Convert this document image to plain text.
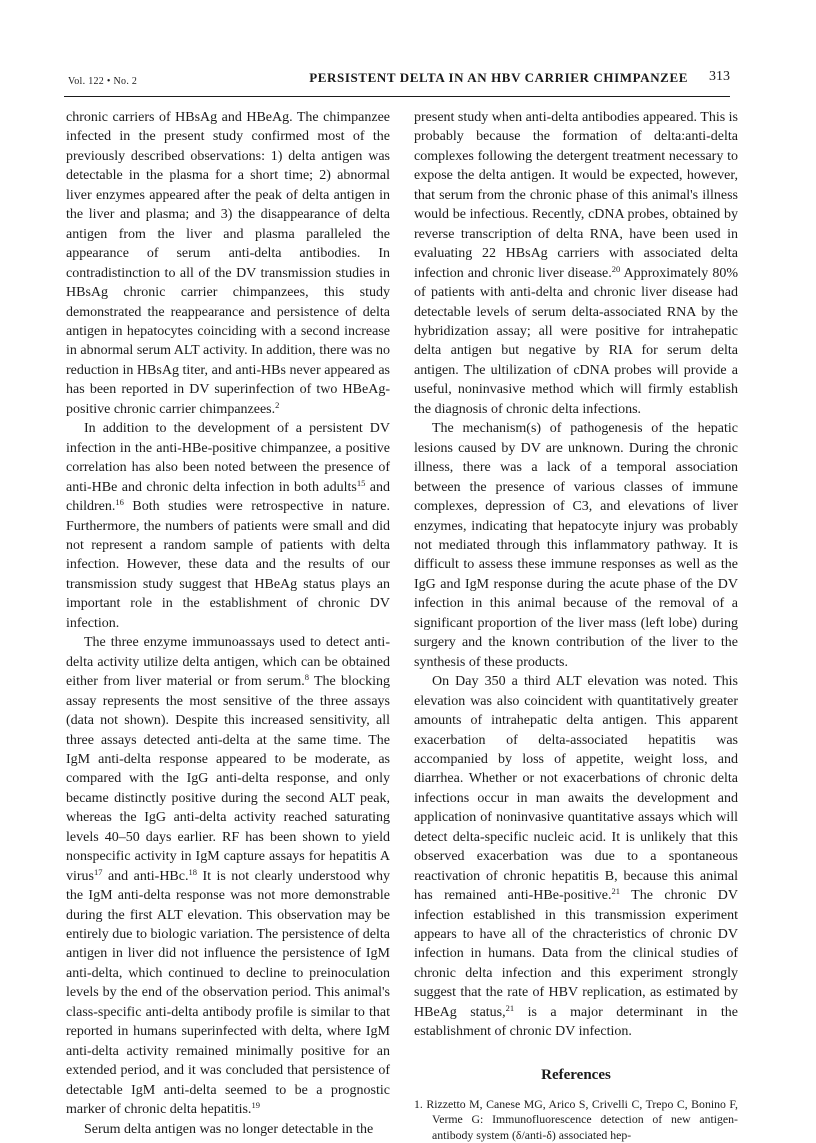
Vol. 122 • No. 2	PERSISTENT DELTA IN AN HBV CARRIER CHIMPANZEE 313

chronic carriers of HBsAg and HBeAg. The chimpanzee infected in the present study confirmed most of the previously described observations: 1) delta antigen was detectable in the plasma for a short time; 2) abnormal liver enzymes appeared after the peak of delta antigen in the liver and plasma; and 3) the disappearance of delta antigen from the liver and plasma paralleled the appearance of serum anti-delta antibodies. In contradistinction to all of the DV transmission studies in HBsAg chronic carrier chimpanzees, this study demonstrated the reappearance and persistence of delta antigen in hepatocytes coinciding with a second increase in abnormal serum ALT activity. In addition, there was no reduction in HBsAg titer, and anti-HBs never appeared as has been reported in DV superinfection of two HBeAg-positive chronic carrier chimpanzees.$^2$

In addition to the development of a persistent DV infection in the anti-HBe-positive chimpanzee, a positive correlation has also been noted between the presence of anti-HBe and chronic delta infection in both adults$^{15}$ and children.$^{16}$ Both studies were retrospective in nature. Furthermore, the numbers of patients were small and did not represent a random sample of patients with delta infection. However, these data and the results of our transmission study suggest that HBeAg status plays an important role in the establishment of chronic DV infection.

The three enzyme immunoassays used to detect anti-delta activity utilize delta antigen, which can be obtained either from liver material or from serum.$^8$ The blocking assay represents the most sensitive of the three assays (data not shown). Despite this increased sensitivity, all three assays detected anti-delta at the same time. The IgM anti-delta response appeared to be moderate, as compared with the IgG anti-delta response, and only became distinctly positive during the second ALT peak, whereas the IgG anti-delta activity reached saturating levels 40–50 days earlier. RF has been shown to yield nonspecific activity in IgM capture assays for hepatitis A virus$^{17}$ and anti-HBc.$^{18}$ It is not clearly understood why the IgM anti-delta response was not more demonstrable during the first ALT elevation. This observation may be entirely due to biologic variation. The persistence of delta antigen in liver did not influence the persistence of IgM anti-delta, which continued to decline to preinoculation levels by the end of the observation period. This animal's class-specific anti-delta antibody profile is similar to that reported in humans superinfected with delta, where IgM anti-delta activity remained minimally positive for an extended period, and it was concluded that persistence of detectable IgM anti-delta seemed to be a prognostic marker of chronic delta hepatitis.$^{19}$

Serum delta antigen was no longer detectable in the

present study when anti-delta antibodies appeared. This is probably because the formation of delta:anti-delta complexes following the detergent treatment necessary to expose the delta antigen. It would be expected, however, that serum from the chronic phase of this animal's illness would be infectious. Recently, cDNA probes, obtained by reverse transcription of delta RNA, have been used in evaluating 22 HBsAg carriers with associated delta infection and chronic liver disease.$^{20}$ Approximately 80% of patients with anti-delta and chronic liver disease had detectable levels of serum delta-associated RNA by the hybridization assay; all were positive for intrahepatic delta antigen but negative by RIA for serum delta antigen. The ultilization of cDNA probes will provide a useful, noninvasive method which will firmly establish the diagnosis of chronic delta infections.

The mechanism(s) of pathogenesis of the hepatic lesions caused by DV are unknown. During the chronic illness, there was a lack of a temporal association between the presence of various classes of immune complexes, depression of C3, and elevations of liver enzymes, indicating that hepatocyte injury was probably not mediated through this inflammatory pathway. It is difficult to assess these immune responses as well as the IgG and IgM response during the acute phase of the DV infection in this animal because of the removal of a significant proportion of the liver mass (left lobe) during surgery and the known contribution of the liver to the synthesis of these products.

On Day 350 a third ALT elevation was noted. This elevation was also coincident with quantitatively greater amounts of intrahepatic delta antigen. This apparent exacerbation of delta-associated hepatitis was accompanied by loss of appetite, weight loss, and diarrhea. Whether or not exacerbations of chronic delta infections occur in man awaits the development and application of noninvasive quantitative assays which will detect delta-specific nucleic acid. It is unlikely that this observed exacerbation was due to a spontaneous reactivation of chronic hepatitis B, because this animal has remained anti-HBe-positive.$^{21}$ The chronic DV infection established in this transmission experiment appears to have all of the chracteristics of chronic DV infection in humans. Data from the clinical studies of chronic delta infection and this experiment strongly suggest that the rate of HBV replication, as estimated by HBeAg status,$^{21}$ is a major determinant in the establishment of chronic DV infection.

References
1. Rizzetto M, Canese MG, Arico S, Crivelli C, Trepo C, Bonino F, Verme G: Immunofluorescence detection of new antigen-antibody system (δ/anti-δ) associated hep-
